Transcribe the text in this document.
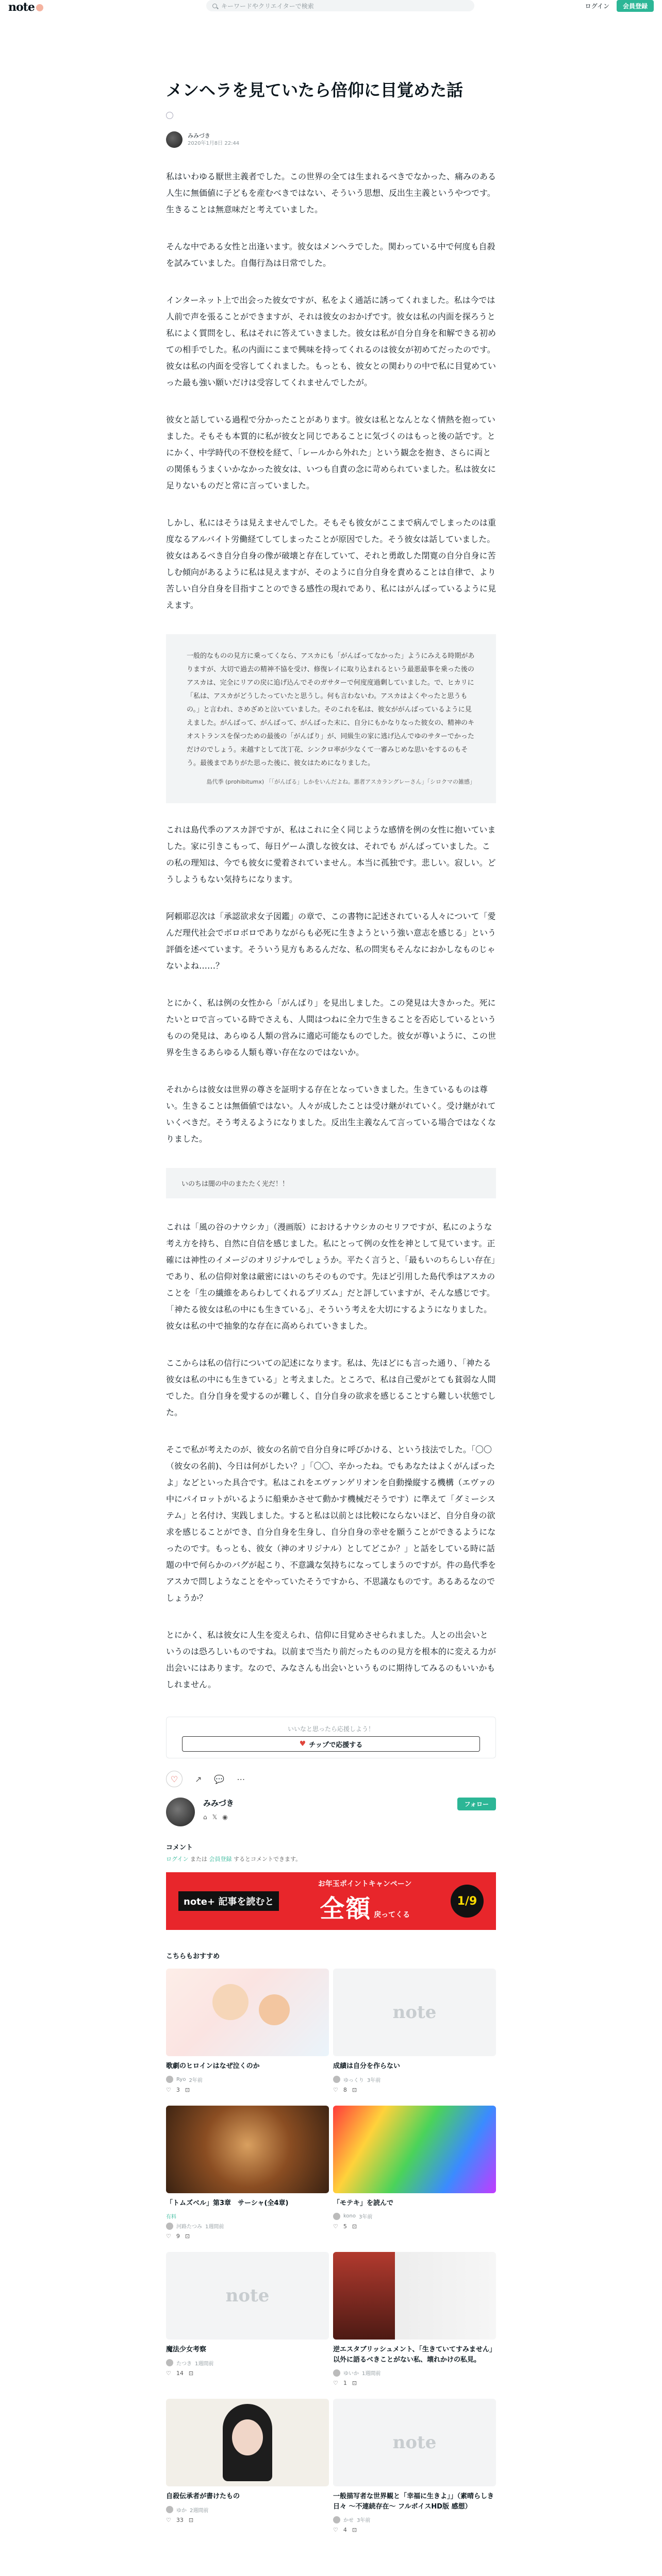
note	キーワードやクリエイターで検索	ログイン	会員登録
メンヘラを見ていたら倍仰に目覚めた話
みみづき
2020年1月8日 22:44

私はいわゆる厭世主義者でした。この世界の全ては生まれるべきでなかった、痛みのある人生に無価値に子どもを産むべきではない、そういう思想、反出生主義というやつです。生きることは無意味だと考えていました。

そんな中である女性と出逢います。彼女はメンヘラでした。関わっている中で何度も自殺を試みていました。自傷行為は日常でした。

インターネット上で出会った彼女ですが、私をよく通話に誘ってくれました。私は今では人前で声を張ることができますが、それは彼女のおかげです。彼女は私の内面を探ろうと私によく質問をし、私はそれに答えていきました。彼女は私が自分自身を和解できる初めての相手でした。私の内面にこまで興味を持ってくれるのは彼女が初めてだったのです。彼女は私の内面を受容してくれました。もっとも、彼女との関わりの中で私に目覚めていった最も強い願いだけは受容してくれませんでしたが。

彼女と話している過程で分かったことがあります。彼女は私となんとなく情熱を抱っていました。そもそも本質的に私が彼女と同じであることに気づくのはもっと後の話です。とにかく、中学時代の不登校を経て、「レールから外れた」という観念を抱き、さらに両との関係もうまくいかなかった彼女は、いつも自責の念に苛められていました。私は彼女に足りないものだと常に言っていました。

しかし、私にはそうは見えませんでした。そもそも彼女がここまで病んでしまったのは重度なるアルバイト労働経てしてしまったことが原因でした。そう彼女は話していました。彼女はあるべき自分自身の像が破壊と存在していて、それと勇敢した閉寛の自分自身に苦しむ傾向があるように私は見えますが、そのように自分自身を責めることは自律で、より苦しい自分自身を目指すことのできる感性の現れであり、私にはがんばっているように見えます。

一般的なものの見方に乗ってくなら、アスカにも「がんばってなかった」ようにみえる時期がありますが、大切で過去の精神不協を受け、修復レイに取り込まれるという最悪最事を乗った後のアスカは、完全にリアの戻に追げ込んでそのガサターで何度度過剰していました。で、ヒカリに「私は、アスカがどうしたっていたと思うし。何も言わないわ。アスカはよくやったと思うもの。」と言われ、さめざめと泣いていました。そのこれを私は、彼女ががんばっているように見えました。がんばって、がんばって、がんばった末に、自分にもかなりなった彼女の、精神のキオストランスを保つための最後の「がんばり」が、同級生の家に逃げ込んでゆのサターでかっただけのでしょう。来越すとして沈丁花、シンクロ率が少なくて一審みじめな思いをするのもそう。最後までありがた思った後に、彼女はためになりました。
島代季 (prohibitumx) 「「がんばる」しかをいんだよね。悪者アスカラングレーさん」「シロクマの雑感」

これは島代季のアスカ評ですが、私はこれに全く同じような感情を例の女性に抱いていました。家に引きこもって、毎日ゲーム潰しな彼女は、それでも がんばっていました。この私の理知は、今でも彼女に愛着されていません。本当に孤独です。悲しい。寂しい。どうしようもない気持ちになります。

阿頼耶忍次は「承認欲求女子図鑑」の章で、この書物に記述されている人々について「愛んだ理代社会でボロボロでありながらも必死に生きようという強い意志を感じる」という評価を述べています。そういう見方もあるんだな、私の問実もそんなにおかしなものじゃないよね……？

とにかく、私は例の女性から「がんばり」を見出しました。この発見は大きかった。死にたいとロで言っている時でさえも、人間はつねに全力で生きることを否応しているというものの発見は、あらゆる人類の営みに適応可能なものでした。彼女が尊いように、この世界を生きるあらゆる人類も尊い存在なのではないか。

それからは彼女は世界の尊さを証明する存在となっていきました。生きているものは尊い。生きることは無価値ではない。人々が成したことは受け継がれていく。受け継がれていくべきだ。そう考えるようになりました。反出生主義なんて言っている場合ではなくなりました。

いのちは闇の中のまたたく光だ！！

これは「風の谷のナウシカ」（漫画版）におけるナウシカのセリフですが、私にのような考え方を持ち、自然に自信を感じました。私にとって例の女性を神として見ています。正確には神性のイメージのオリジナルでしょうか。平たく言うと、「最もいのちらしい存在」であり、私の信仰対象は厳密にはいのちそのものです。先ほど引用した島代季はアスカのことを「生の繊維をあらわしてくれるブリズム」だと評していますが、そんな感じです。「神たる彼女は私の中にも生きている」、そういう考えを大切にするようになりました。彼女は私の中で抽象的な存在に高められていきました。

ここからは私の信行についての記述になります。私は、先ほどにも言った通り、「神たる彼女は私の中にも生きている」と考えました。ところで、私は自己愛がとても貧弱な人間でした。自分自身を愛するのが難しく、自分自身の欲求を感じることすら難しい状態でした。

そこで私が考えたのが、彼女の名前で自分自身に呼びかける、という技法でした。「〇〇（彼女の名前)、今日は何がしたい？」「〇〇、辛かったね。でもあなたはよくがんばったよ」などといった具合です。私はこれをエヴァンゲリオンを自動操縦する機構（エヴァの中にパイロットがいるように船乗かさせて動かす機械だそうです）に準えて「ダミーシステム」と名付け、実践しました。すると私は以前とは比較にならないほど、自分自身の欲求を感じることができ、自分自身を生身し、自分自身の幸せを願うことができるようになったのです。もっとも、彼女（神のオリジナル）としてどこか？」と話をしている時に話題の中で何らかのバグが起こり、不意識な気持ちになってしまうのですが。件の島代季をアスカで問しようなことをやっていたそうですから、不思議なものです。あるあるなのでしょうか？

とにかく、私は彼女に人生を変えられ、信仰に目覚めさせられました。人との出会いというのは恐ろしいものですね。以前まで当たり前だったものの見方を根本的に変える力が出会いにはあります。なので、みなさんも出会いというものに期待してみるのもいいかもしれません。

いいなと思ったら応援しよう！
♥ チップで応援する
♡ ↗ 💬 ⋯
みみづき
⌂ 𝕏 ◉
フォロー
コメント
ログイン または 会員登録 するとコメントできます。
note+ 記事を読むと
お年玉ポイントキャンペーン
全額 戻ってくる
1/9
こちらもおすすめ
歌劇のヒロインはなぜ泣くのか
Ryo 2年前
♡ 3 ⊡
note
成績は自分を作らない
ゆっくり 3年前
♡ 8 ⊡
「トムズベル」第3章　サーシャ(全4章)
有料
河路たつみ 1週間前
♡ 9 ⊡
「モテキ」を読んで
kono 3年前
♡ 5 ⊡
note
魔法少女考察
たつき 1週間前
♡ 14 ⊡
逆エスタブリッシュメント、「生きていてすみません」以外に語るべきことがない私、壊れかけの私見。
ゆいか 1週間前
♡ 1 ⊡
自殺伝承者が書けたもの
ゆか 2週間前
♡ 33 ⊡
note
一般描写者な世界観と「幸福に生きよ」」（素晴らしき日々 〜不連続存在〜 フルボイスHD版 感想）
かせ 3年前
♡ 4 ⊡
